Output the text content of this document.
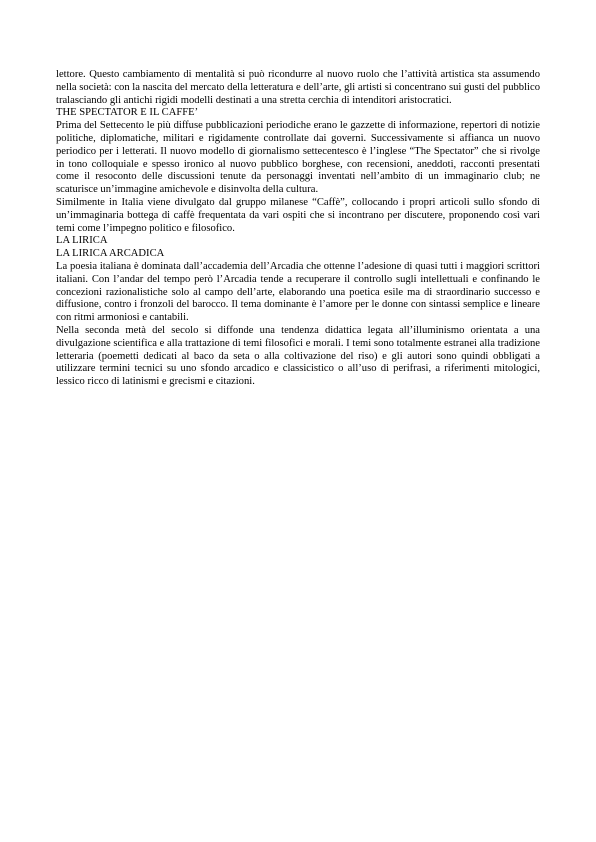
lettore. Questo cambiamento di mentalità si può ricondurre al nuovo ruolo che l’attività artistica sta assumendo nella società: con la nascita del mercato della letteratura e dell’arte, gli artisti si concentrano sui gusti del pubblico tralasciando gli antichi rigidi modelli destinati a una stretta cerchia di intenditori aristocratici.

THE SPECTATOR E IL CAFFE’

Prima del Settecento le più diffuse pubblicazioni periodiche erano le gazzette di informazione, repertori di notizie politiche, diplomatiche, militari e rigidamente controllate dai governi. Successivamente si affianca un nuovo periodico per i letterati. Il nuovo modello di giornalismo settecentesco è l’inglese “The Spectator” che si rivolge in tono colloquiale e spesso ironico al nuovo pubblico borghese, con recensioni, aneddoti, racconti presentati come il resoconto delle discussioni tenute da personaggi inventati nell’ambito di un immaginario club; ne scaturisce un’immagine amichevole e disinvolta della cultura.

Similmente in Italia viene divulgato dal gruppo milanese “Caffè”, collocando i propri articoli sullo sfondo di un’immaginaria bottega di caffè frequentata da vari ospiti che si incontrano per discutere, proponendo così vari temi come l’impegno politico e filosofico.

LA LIRICA

LA LIRICA ARCADICA

La poesia italiana è dominata dall’accademia dell’Arcadia che ottenne l’adesione di quasi tutti i maggiori scrittori italiani. Con l’andar del tempo però l’Arcadia tende a recuperare il controllo sugli intellettuali e confinando le concezioni razionalistiche solo al campo dell’arte, elaborando una poetica esile ma di straordinario successo e diffusione, contro i fronzoli del barocco. Il tema dominante è l’amore per le donne con sintassi semplice e lineare con ritmi armoniosi e cantabili.

Nella seconda metà del secolo si diffonde una tendenza didattica legata all’illuminismo orientata a una divulgazione scientifica e alla trattazione di temi filosofici e morali. I temi sono totalmente estranei alla tradizione letteraria (poemetti dedicati al baco da seta o alla coltivazione del riso) e gli autori sono quindi obbligati a utilizzare termini tecnici su uno sfondo arcadico e classicistico o all’uso di perifrasi, a riferimenti mitologici, lessico ricco di latinismi e grecismi e citazioni.
